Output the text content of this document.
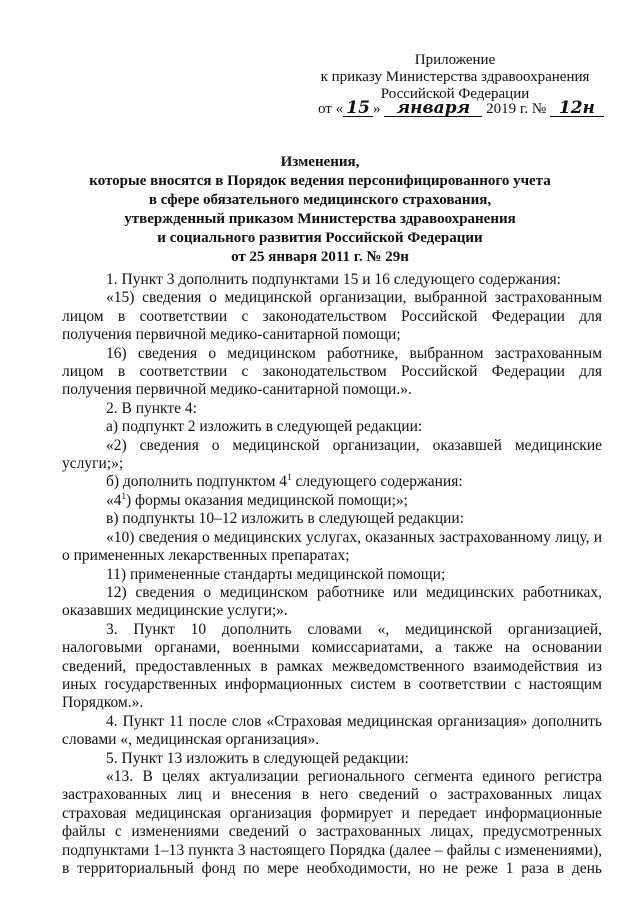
Приложение
к приказу Министерства здравоохранения
Российской Федерации
от « 15 » января 2019 г. № 12н
Изменения,
которые вносятся в Порядок ведения персонифицированного учета
в сфере обязательного медицинского страхования,
утвержденный приказом Министерства здравоохранения
и социального развития Российской Федерации
от 25 января 2011 г. № 29н

1. Пункт 3 дополнить подпунктами 15 и 16 следующего содержания:

«15) сведения о медицинской организации, выбранной застрахованным лицом в соответствии с законодательством Российской Федерации для получения первичной медико-санитарной помощи;

16) сведения о медицинском работнике, выбранном застрахованным лицом в соответствии с законодательством Российской Федерации для получения первичной медико-санитарной помощи.».

2. В пункте 4:

а) подпункт 2 изложить в следующей редакции:

«2) сведения о медицинской организации, оказавшей медицинские услуги;»;

б) дополнить подпунктом $4^1$ следующего содержания:

«$4^1$) формы оказания медицинской помощи;»;

в) подпункты 10–12 изложить в следующей редакции:

«10) сведения о медицинских услугах, оказанных застрахованному лицу, и о примененных лекарственных препаратах;

11) примененные стандарты медицинской помощи;

12) сведения о медицинском работнике или медицинских работниках, оказавших медицинские услуги;».

3. Пункт 10 дополнить словами «, медицинской организацией, налоговыми органами, военными комиссариатами, а также на основании сведений, предоставленных в рамках межведомственного взаимодействия из иных государственных информационных систем в соответствии с настоящим Порядком.».

4. Пункт 11 после слов «Страховая медицинская организация» дополнить словами «, медицинская организация».

5. Пункт 13 изложить в следующей редакции:

«13. В целях актуализации регионального сегмента единого регистра застрахованных лиц и внесения в него сведений о застрахованных лицах страховая медицинская организация формирует и передает информационные файлы с изменениями сведений о застрахованных лицах, предусмотренных подпунктами 1–13 пункта 3 настоящего Порядка (далее – файлы с изменениями), в территориальный фонд по мере необходимости, но не реже 1 раза в день
